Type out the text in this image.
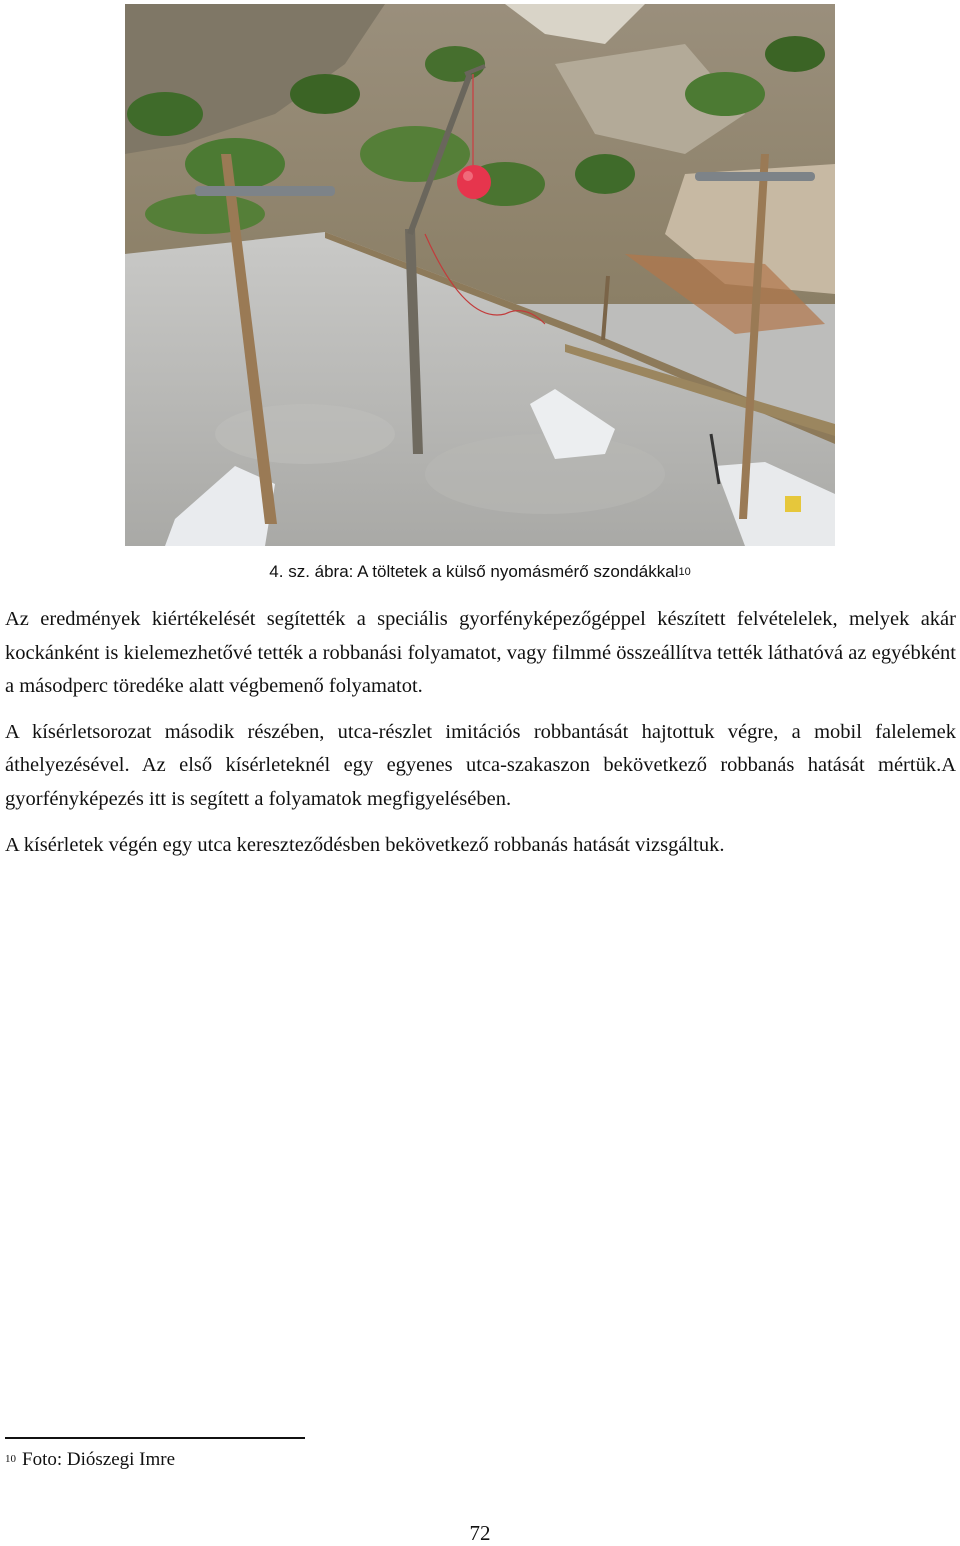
4. sz. ábra: A töltetek a külső nyomásmérő szondákkal$^{10}$

Az eredmények kiértékelését segítették a speciális gyorfényképezőgéppel készített felvételelek, melyek akár kockánként is kielemezhetővé tették a robbanási folyamatot, vagy filmmé összeállítva tették láthatóvá az egyébként a másodperc töredéke alatt végbemenő folyamatot.

A kísérletsorozat második részében, utca-részlet imitációs robbantását hajtottuk végre, a mobil falelemek áthelyezésével. Az első kísérleteknél egy egyenes utca-szakaszon bekövetkező robbanás hatását mértük.A gyorfényképezés itt is segített a folyamatok megfigyelésében.

A kísérletek végén egy utca kereszteződésben bekövetkező robbanás hatását vizsgáltuk.

$^{10}$ Foto: Diószegi Imre
72
